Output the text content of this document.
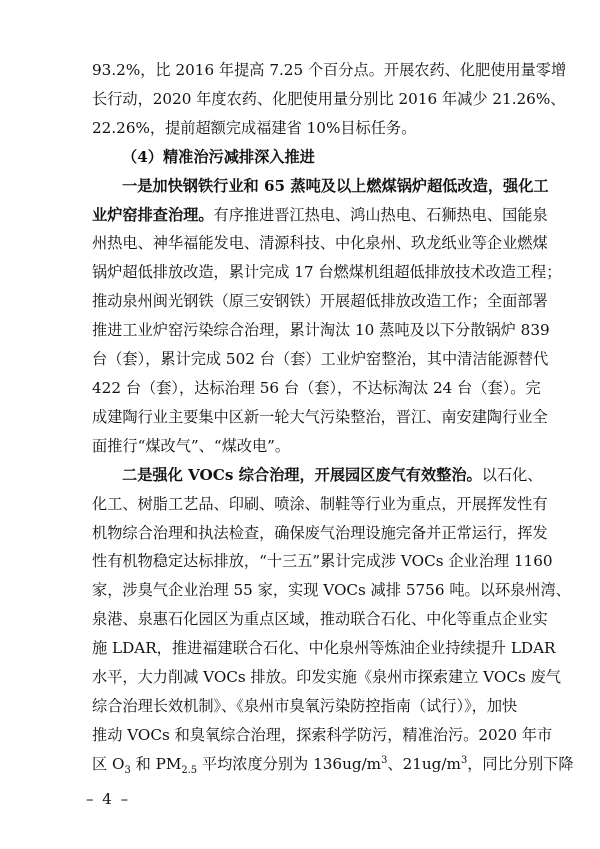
93.2%，比 2016 年提高 7.25 个百分点。开展农药、化肥使用量零增
长行动，2020 年度农药、化肥使用量分别比 2016 年减少 21.26%、
22.26%，提前超额完成福建省 10%目标任务。
（4）精准治污减排深入推进
一是加快钢铁行业和 65 蒸吨及以上燃煤锅炉超低改造，强化工
业炉窑排查治理。有序推进晋江热电、鸿山热电、石狮热电、国能泉
州热电、神华福能发电、清源科技、中化泉州、玖龙纸业等企业燃煤
锅炉超低排放改造，累计完成 17 台燃煤机组超低排放技术改造工程；
推动泉州闽光钢铁（原三安钢铁）开展超低排放改造工作；全面部署
推进工业炉窑污染综合治理，累计淘汰 10 蒸吨及以下分散锅炉 839
台（套），累计完成 502 台（套）工业炉窑整治，其中清洁能源替代
422 台（套），达标治理 56 台（套），不达标淘汰 24 台（套）。完
成建陶行业主要集中区新一轮大气污染整治，晋江、南安建陶行业全
面推行“煤改气”、“煤改电”。
二是强化 VOCs 综合治理，开展园区废气有效整治。以石化、
化工、树脂工艺品、印刷、喷涂、制鞋等行业为重点，开展挥发性有
机物综合治理和执法检查，确保废气治理设施完备并正常运行，挥发
性有机物稳定达标排放，“十三五”累计完成涉 VOCs 企业治理 1160
家，涉臭气企业治理 55 家，实现 VOCs 减排 5756 吨。以环泉州湾、
泉港、泉惠石化园区为重点区域，推动联合石化、中化等重点企业实
施 LDAR，推进福建联合石化、中化泉州等炼油企业持续提升 LDAR
水平，大力削减 VOCs 排放。印发实施《泉州市探索建立 VOCs 废气
综合治理长效机制》、《泉州市臭氧污染防控指南（试行）》，加快
推动 VOCs 和臭氧综合治理，探索科学防污，精准治污。2020 年市
区 $O_3$ 和 $PM_{2.5}$ 平均浓度分别为 $136ug/m^3$、$21ug/m^3$，同比分别下降
– 4 –
